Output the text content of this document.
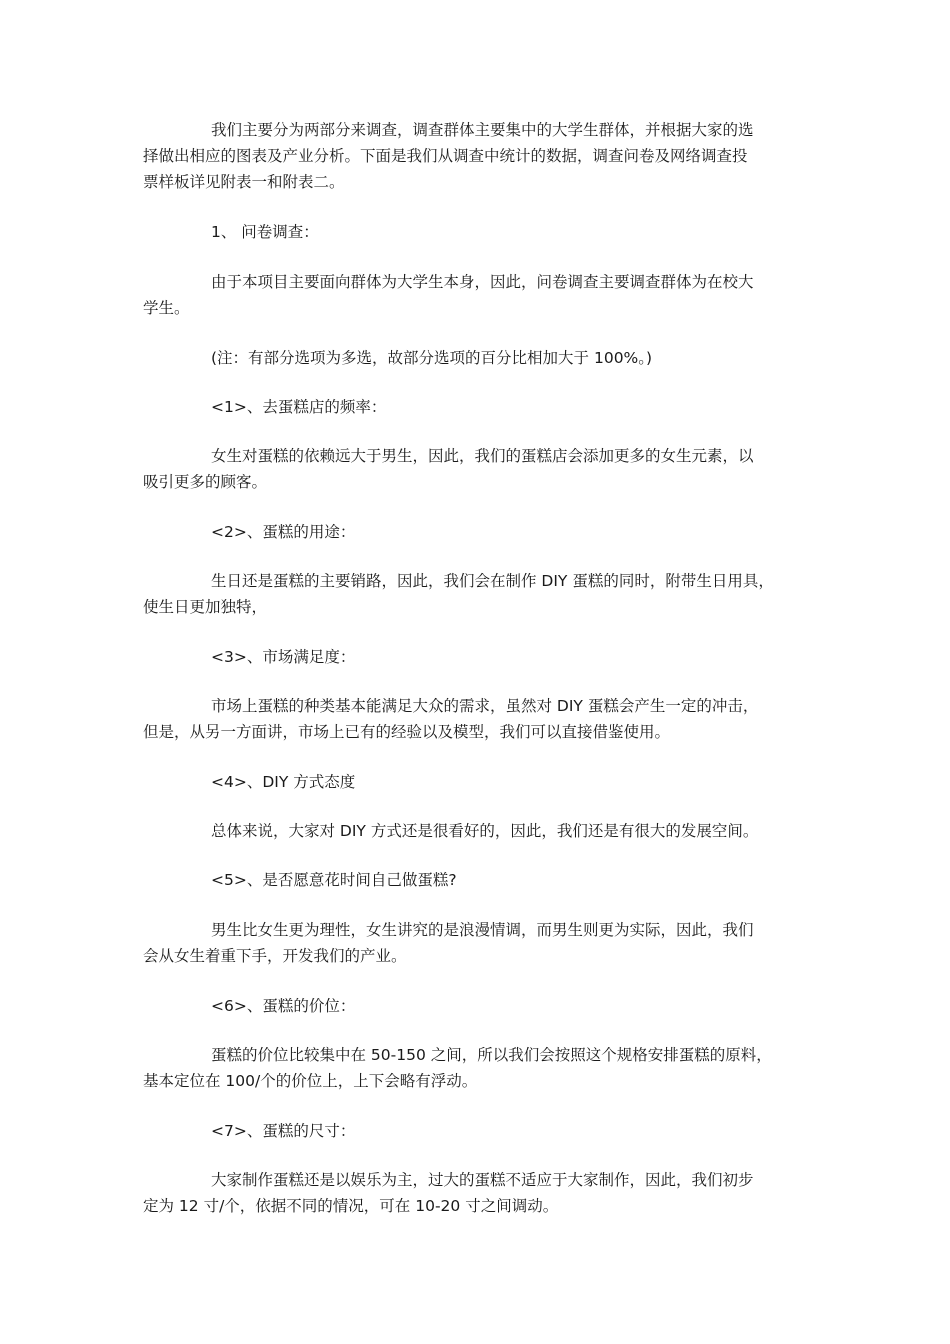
我们主要分为两部分来调查，调查群体主要集中的大学生群体，并根据大家的选
择做出相应的图表及产业分析。下面是我们从调查中统计的数据，调查问卷及网络调查投
票样板详见附表一和附表二。
1、 问卷调查：
由于本项目主要面向群体为大学生本身，因此，问卷调查主要调查群体为在校大
学生。
(注：有部分选项为多选，故部分选项的百分比相加大于 100%。)
<1>、去蛋糕店的频率：
女生对蛋糕的依赖远大于男生，因此，我们的蛋糕店会添加更多的女生元素，以
吸引更多的顾客。
<2>、蛋糕的用途：
生日还是蛋糕的主要销路，因此，我们会在制作 DIY 蛋糕的同时，附带生日用具，
使生日更加独特，
<3>、市场满足度：
市场上蛋糕的种类基本能满足大众的需求，虽然对 DIY 蛋糕会产生一定的冲击，
但是，从另一方面讲，市场上已有的经验以及模型，我们可以直接借鉴使用。
<4>、DIY 方式态度
总体来说，大家对 DIY 方式还是很看好的，因此，我们还是有很大的发展空间。
<5>、是否愿意花时间自己做蛋糕?
男生比女生更为理性，女生讲究的是浪漫情调，而男生则更为实际，因此，我们
会从女生着重下手，开发我们的产业。
<6>、蛋糕的价位：
蛋糕的价位比较集中在 50-150 之间，所以我们会按照这个规格安排蛋糕的原料，
基本定位在 100/个的价位上，上下会略有浮动。
<7>、蛋糕的尺寸：
大家制作蛋糕还是以娱乐为主，过大的蛋糕不适应于大家制作，因此，我们初步
定为 12 寸/个，依据不同的情况，可在 10-20 寸之间调动。
